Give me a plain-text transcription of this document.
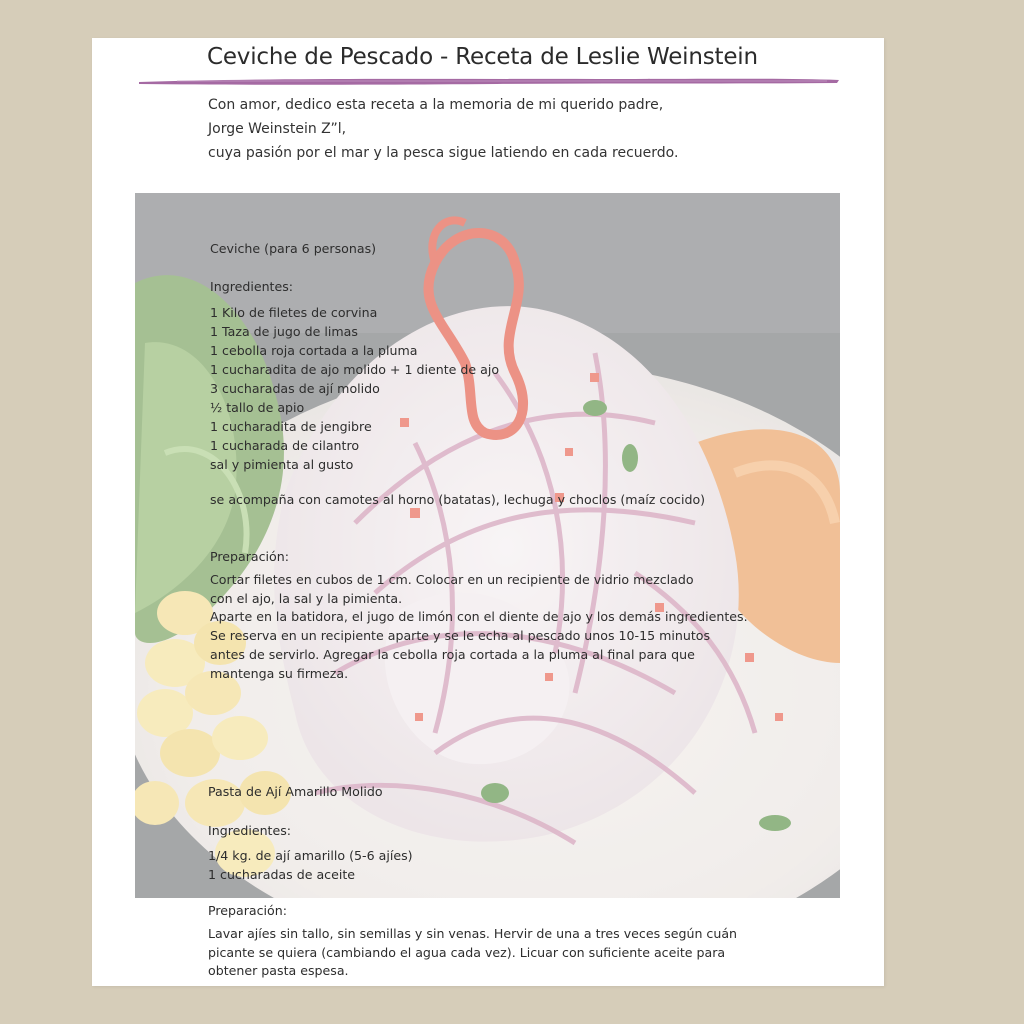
Ceviche de Pescado - Receta de Leslie Weinstein
Con amor, dedico esta receta a la memoria de mi querido padre,
Jorge Weinstein Z”l,
cuya pasión por el mar y la pesca sigue latiendo en cada recuerdo.
Ceviche (para 6 personas)
Ingredientes:
1 Kilo de filetes de corvina
1 Taza de jugo de limas
1 cebolla roja cortada a la pluma
1 cucharadita de ajo molido + 1 diente de ajo
3 cucharadas de ají molido
½ tallo de apio
1 cucharadita de jengibre
1 cucharada de cilantro
sal y pimienta al gusto
se acompaña con camotes al horno (batatas), lechuga y choclos (maíz cocido)
Preparación:
Cortar filetes en cubos de 1 cm. Colocar en un recipiente de vidrio mezclado
con el ajo, la sal y la pimienta.
Aparte en la batidora, el jugo de limón con el diente de ajo y los demás ingredientes.
Se reserva en un recipiente aparte y se le echa al pescado unos 10-15 minutos
antes de servirlo. Agregar la cebolla roja cortada a la pluma al final para que
mantenga su firmeza.
Pasta de Ají Amarillo Molido
Ingredientes:
1/4 kg. de ají amarillo (5-6 ajíes)
1 cucharadas de aceite
Preparación:
Lavar ajíes sin tallo, sin semillas y sin venas. Hervir de una a tres veces según cuán
picante se quiera (cambiando el agua cada vez). Licuar con suficiente aceite para
obtener pasta espesa.
